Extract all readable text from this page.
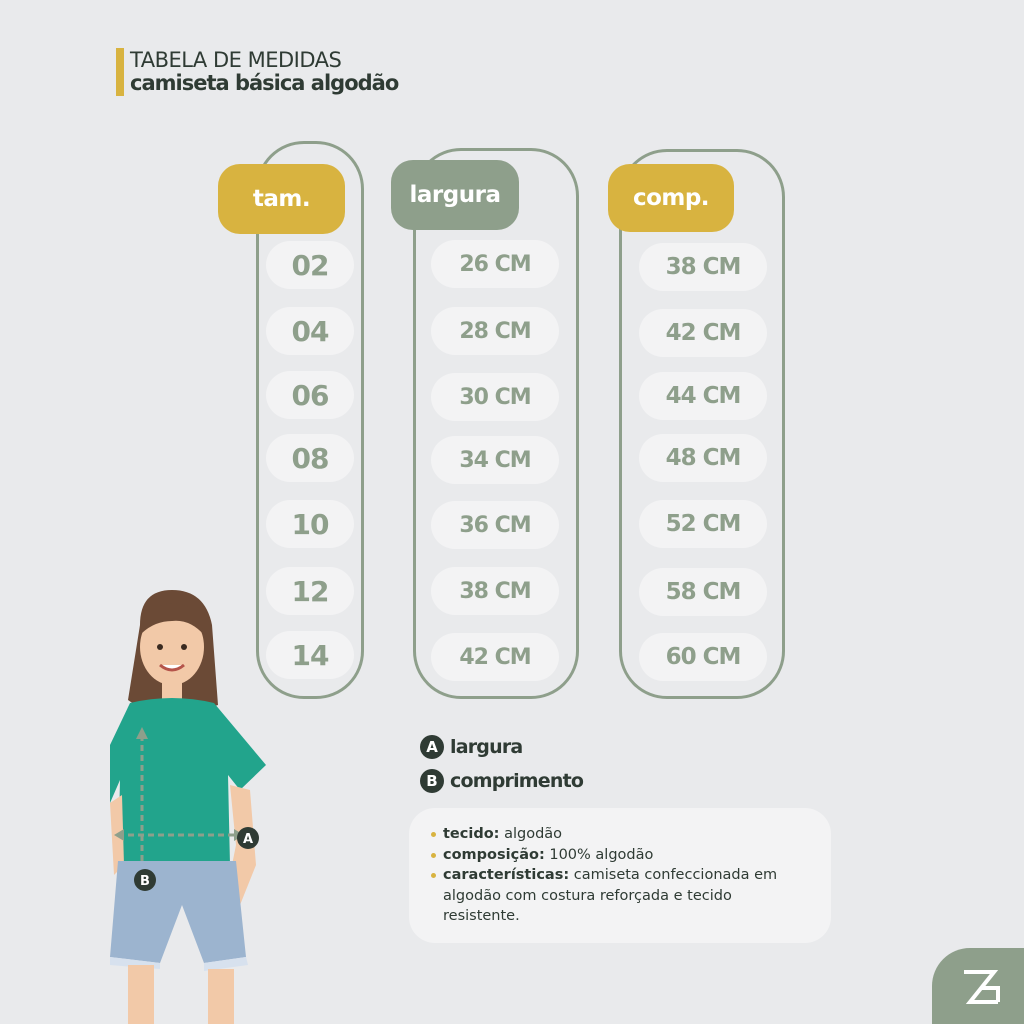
TABELA DE MEDIDAS
camiseta básica algodão
tam.
02
04
06
08
10
12
14
largura
26 CM
28 CM
30 CM
34 CM
36 CM
38 CM
42 CM
comp.
38 CM
42 CM
44 CM
48 CM
52 CM
58 CM
60 CM
A
B
A largura
B comprimento
tecido: algodão
composição: 100% algodão
características: camiseta confeccionada em algodão com costura reforçada e tecido resistente.
